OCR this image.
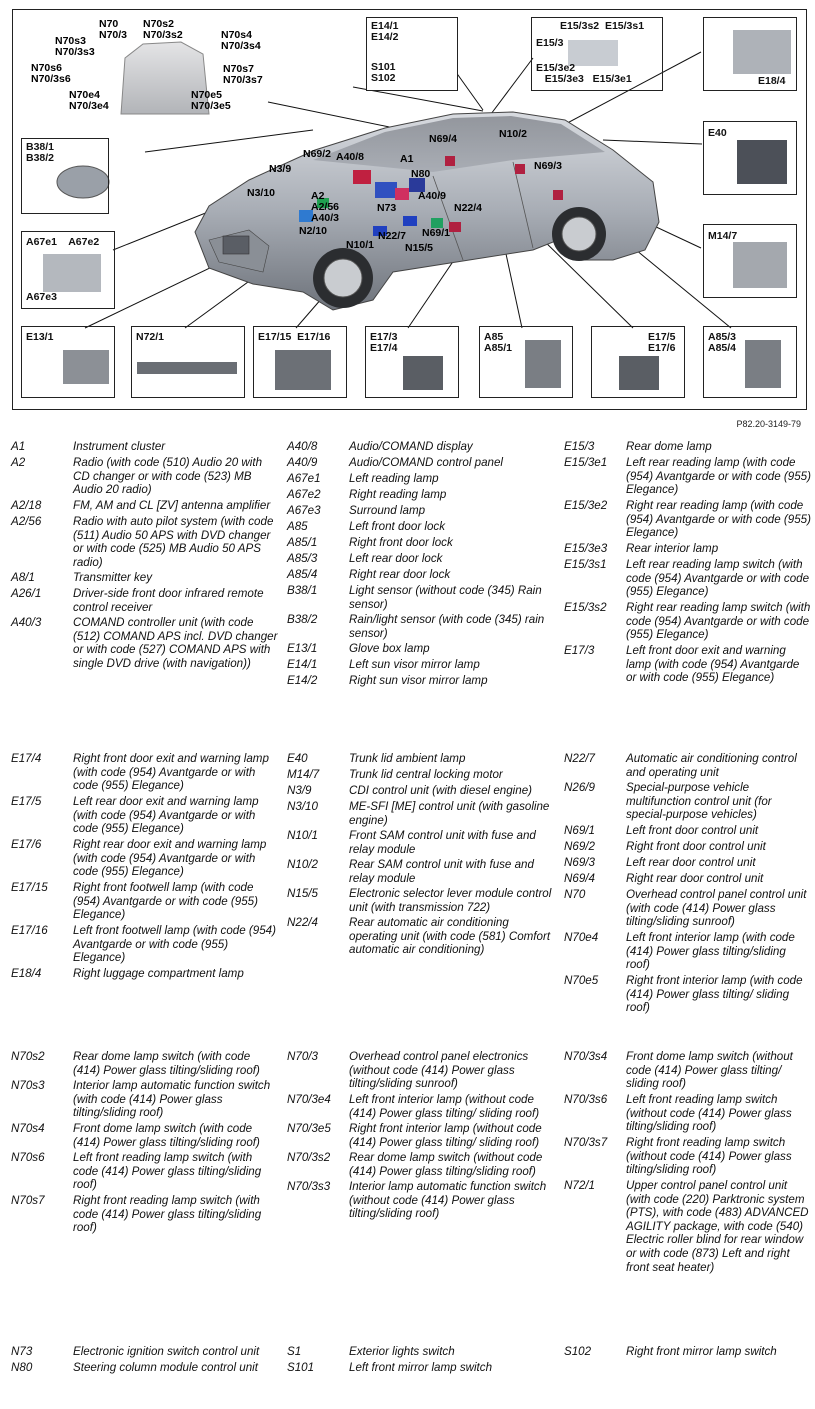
E14/1
E14/2
S101
S102
E15/3s2  E15/3s1
E15/3
E15/3e2
E15/3e3   E15/3e1	E18/4
B38/1
B38/2
E40
A67e1    A67e2
A67e3
M14/7
E13/1	N72/1	E17/15  E17/16	E17/3
E17/4
A85
A85/1
E17/5
E17/6
A85/3
A85/4
N70
N70/3
N70s2
N70/3s2
N70s3
N70/3s3
N70s4
N70/3s4
N70s6
N70/3s6
N70s7
N70/3s7
N70e4
N70/3e4
N70e5
N70/3e5
N69/4	N10/2
N69/2 A40/8	A1
N3/9	N69/3
N80
A2
A2/56
A40/3
A40/9
N3/10
N73	N22/4
N2/10	N22/7 N69/1
N10/1	N15/5
P82.20-3149-79
A1	Instrument cluster
A2	Radio (with code (510) Audio 20 with CD changer or with code (523) MB Audio 20 radio)
A2/18	FM, AM and CL [ZV] antenna amplifier
A2/56	Radio with auto pilot system (with code (511) Audio 50 APS with DVD changer or with code (525) MB Audio 50 APS radio)
A8/1	Transmitter key
A26/1	Driver-side front door infrared remote control receiver
A40/3	COMAND controller unit (with code (512) COMAND APS incl. DVD changer or with code (527) COMAND APS with single DVD drive (with navigation))
A40/8	Audio/COMAND display
A40/9	Audio/COMAND control panel
A67e1 Left reading lamp
A67e2 Right reading lamp
A67e3 Surround lamp
A85	Left front door lock
A85/1	Right front door lock
A85/3	Left rear door lock
A85/4	Right rear door lock
B38/1	Light sensor (without code (345) Rain sensor)
B38/2	Rain/light sensor (with code (345) rain sensor)
E13/1	Glove box lamp
E14/1	Left sun visor mirror lamp
E14/2	Right sun visor mirror lamp
E15/3	Rear dome lamp
E15/3e1 Left rear reading lamp (with code (954) Avantgarde or with code (955) Elegance)
E15/3e2 Right rear reading lamp (with code (954) Avantgarde or with code (955) Elegance)
E15/3e3 Rear interior lamp
E15/3s1 Left rear reading lamp switch (with code (954) Avantgarde or with code (955) Elegance)
E15/3s2 Right rear reading lamp switch (with code (954) Avantgarde or with code (955) Elegance)
E17/3	Left front door exit and warning lamp (with code (954) Avantgarde or with code (955) Elegance)
E17/4	Right front door exit and warning lamp (with code (954) Avantgarde or with code (955) Elegance)
E17/5	Left rear door exit and warning lamp (with code (954) Avantgarde or with code (955) Elegance)
E17/6	Right rear door exit and warning lamp (with code (954) Avantgarde or with code (955) Elegance)
E17/15 Right front footwell lamp (with code (954) Avantgarde or with code (955) Elegance)
E17/16 Left front footwell lamp (with code (954) Avantgarde or with code (955) Elegance)
E18/4	Right luggage compartment lamp
E40	Trunk lid ambient lamp
M14/7	Trunk lid central locking motor
N3/9	CDI control unit (with diesel engine)
N3/10	ME-SFI [ME] control unit (with gasoline engine)
N10/1	Front SAM control unit with fuse and relay module
N10/2	Rear SAM control unit with fuse and relay module
N15/5	Electronic selector lever module control unit (with transmission 722)
N22/4	Rear automatic air conditioning operating unit (with code (581) Comfort automatic air conditioning)
N22/7	Automatic air conditioning control and operating unit
N26/9	Special-purpose vehicle multifunction control unit (for special-purpose vehicles)
N69/1	Left front door control unit
N69/2	Right front door control unit
N69/3	Left rear door control unit
N69/4	Right rear door control unit
N70	Overhead control panel control unit (with code (414) Power glass tilting/sliding sunroof)
N70e4 Left front interior lamp (with code (414) Power glass tilting/sliding roof)
N70e5 Right front interior lamp (with code (414) Power glass tilting/ sliding roof)
N70s2 Rear dome lamp switch (with code (414) Power glass tilting/sliding roof)
N70s3 Interior lamp automatic function switch (with code (414) Power glass tilting/sliding roof)
N70s4 Front dome lamp switch (with code (414) Power glass tilting/sliding roof)
N70s6 Left front reading lamp switch (with code (414) Power glass tilting/sliding roof)
N70s7 Right front reading lamp switch (with code (414) Power glass tilting/sliding roof)
N70/3	Overhead control panel electronics (without code (414) Power glass tilting/sliding sunroof)
N70/3e4 Left front interior lamp (without code (414) Power glass tilting/ sliding roof)
N70/3e5 Right front interior lamp (without code (414) Power glass tilting/ sliding roof)
N70/3s2 Rear dome lamp switch (without code (414) Power glass tilting/sliding roof)
N70/3s3 Interior lamp automatic function switch (without code (414) Power glass tilting/sliding roof)
N70/3s4 Front dome lamp switch (without code (414) Power glass tilting/ sliding roof)
N70/3s6 Left front reading lamp switch (without code (414) Power glass tilting/sliding roof)
N70/3s7 Right front reading lamp switch (without code (414) Power glass tilting/sliding roof)
N72/1	Upper control panel control unit (with code (220) Parktronic system (PTS), with code (483) ADVANCED AGILITY package, with code (540) Electric roller blind for rear window or with code (873) Left and right front seat heater)
N73	Electronic ignition switch control unit
N80	Steering column module control unit
S1	Exterior lights switch
S101	Left front mirror lamp switch
S102	Right front mirror lamp switch
